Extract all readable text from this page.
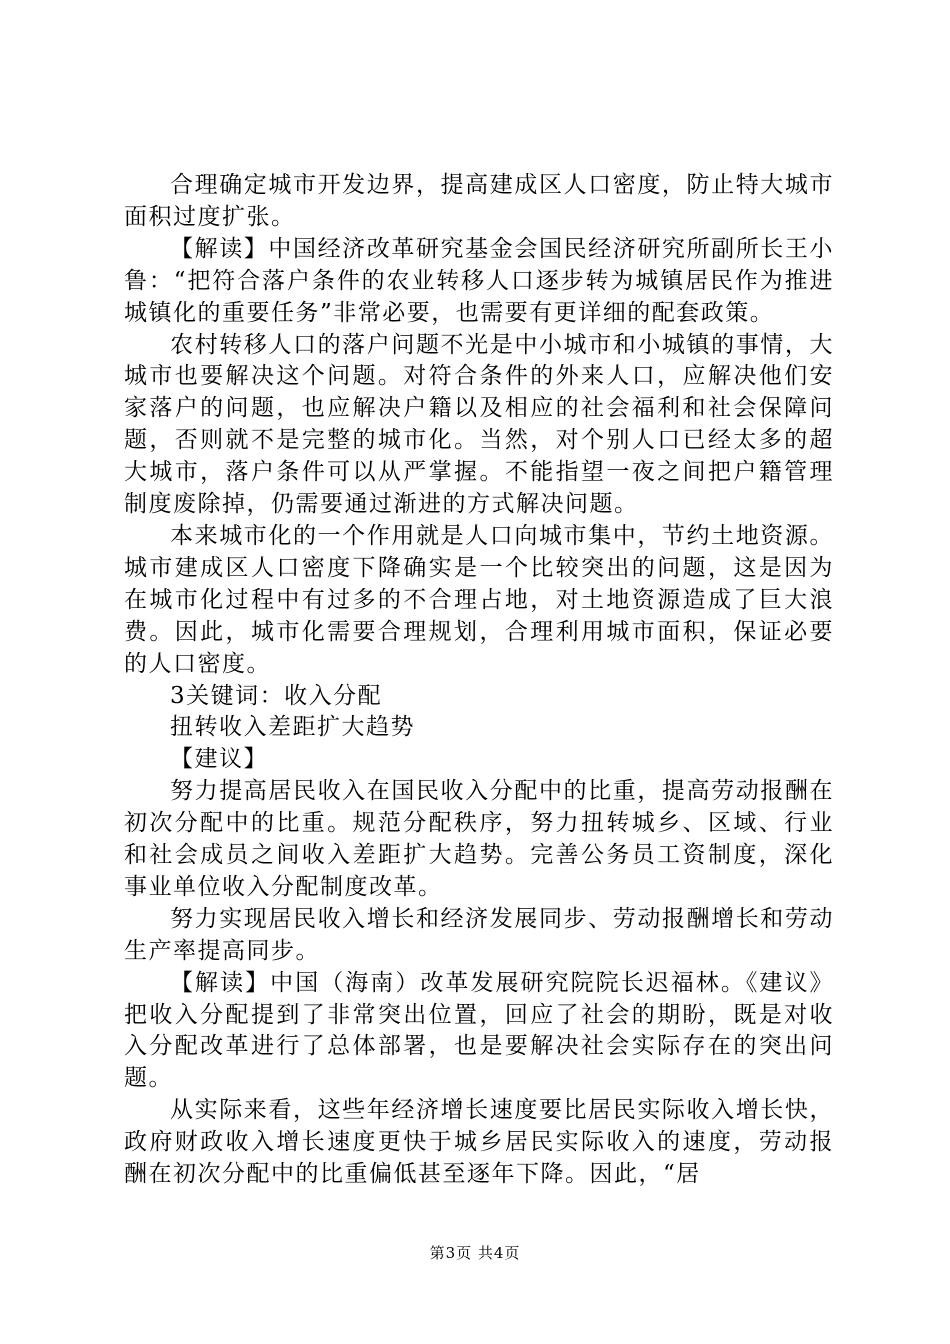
合理确定城市开发边界，提高建成区人口密度，防止特大城市面积过度扩张。

【解读】中国经济改革研究基金会国民经济研究所副所长王小鲁：“把符合落户条件的农业转移人口逐步转为城镇居民作为推进城镇化的重要任务”非常必要，也需要有更详细的配套政策。

农村转移人口的落户问题不光是中小城市和小城镇的事情，大城市也要解决这个问题。对符合条件的外来人口，应解决他们安家落户的问题，也应解决户籍以及相应的社会福利和社会保障问题，否则就不是完整的城市化。当然，对个别人口已经太多的超大城市，落户条件可以从严掌握。不能指望一夜之间把户籍管理制度废除掉，仍需要通过渐进的方式解决问题。

本来城市化的一个作用就是人口向城市集中，节约土地资源。城市建成区人口密度下降确实是一个比较突出的问题，这是因为在城市化过程中有过多的不合理占地，对土地资源造成了巨大浪费。因此，城市化需要合理规划，合理利用城市面积，保证必要的人口密度。

3关键词：收入分配

扭转收入差距扩大趋势

【建议】

努力提高居民收入在国民收入分配中的比重，提高劳动报酬在初次分配中的比重。规范分配秩序，努力扭转城乡、区域、行业和社会成员之间收入差距扩大趋势。完善公务员工资制度，深化事业单位收入分配制度改革。

努力实现居民收入增长和经济发展同步、劳动报酬增长和劳动生产率提高同步。

【解读】中国（海南）改革发展研究院院长迟福林。《建议》把收入分配提到了非常突出位置，回应了社会的期盼，既是对收入分配改革进行了总体部署，也是要解决社会实际存在的突出问题。

从实际来看，这些年经济增长速度要比居民实际收入增长快，政府财政收入增长速度更快于城乡居民实际收入的速度，劳动报酬在初次分配中的比重偏低甚至逐年下降。因此，“居

第3页 共4页
